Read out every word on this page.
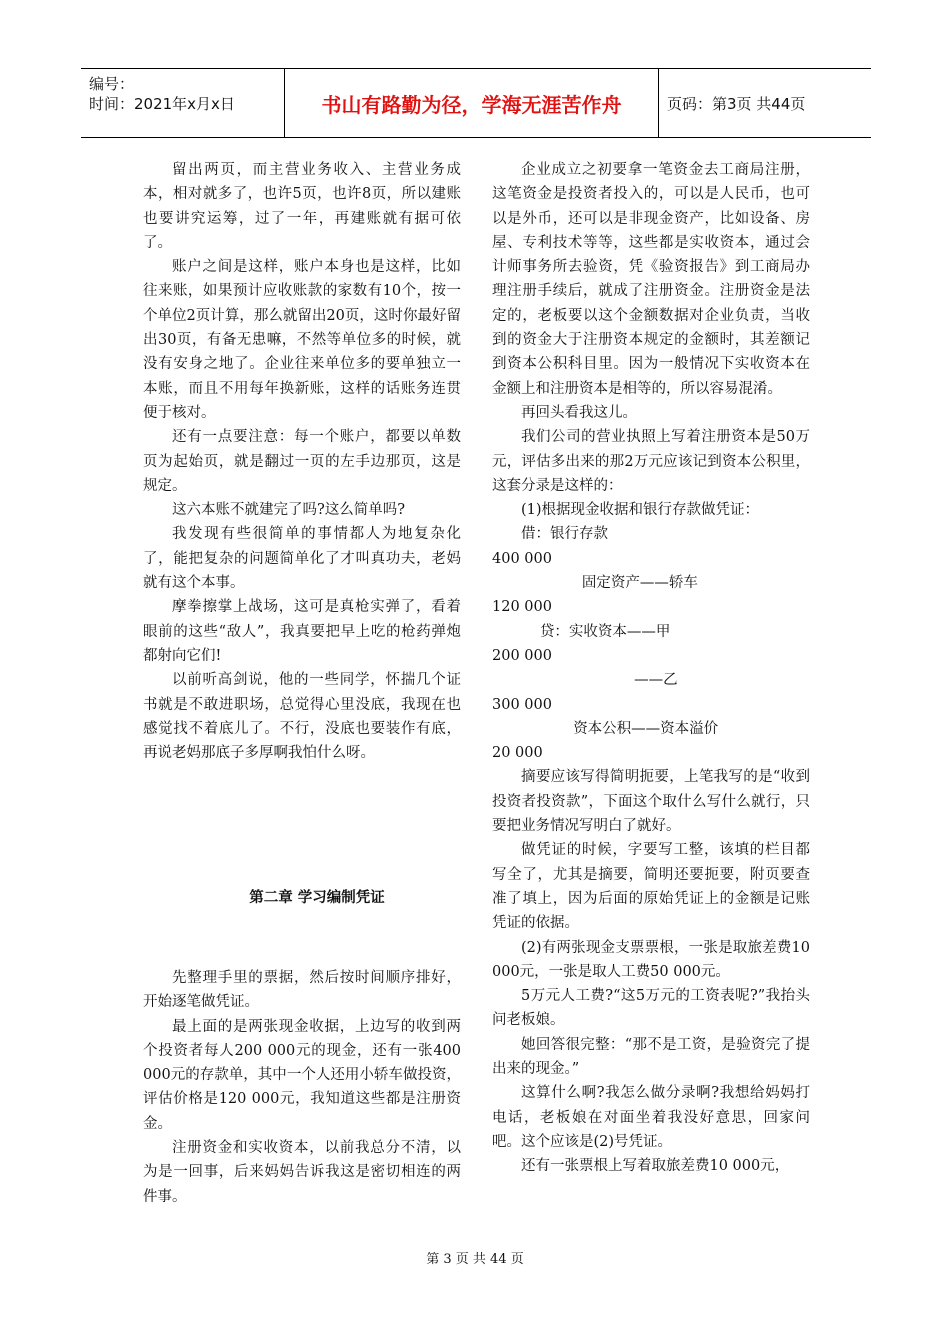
编号：
时间：2021年x月x日	书山有路勤为径，学海无涯苦作舟	页码：第3页 共44页

留出两页，而主营业务收入、主营业务成本，相对就多了，也许5页，也许8页，所以建账也要讲究运筹，过了一年，再建账就有据可依了。

账户之间是这样，账户本身也是这样，比如往来账，如果预计应收账款的家数有10个，按一个单位2页计算，那么就留出20页，这时你最好留出30页，有备无患嘛，不然等单位多的时候，就没有安身之地了。企业往来单位多的要单独立一本账，而且不用每年换新账，这样的话账务连贯便于核对。

还有一点要注意：每一个账户，都要以单数页为起始页，就是翻过一页的左手边那页，这是规定。

这六本账不就建完了吗?这么简单吗?

我发现有些很简单的事情都人为地复杂化了，能把复杂的问题简单化了才叫真功夫，老妈就有这个本事。

摩拳擦掌上战场，这可是真枪实弹了，看着眼前的这些“敌人”，我真要把早上吃的枪药弹炮都射向它们!

以前听高剑说，他的一些同学，怀揣几个证书就是不敢进职场，总觉得心里没底，我现在也感觉找不着底儿了。不行，没底也要装作有底，再说老妈那底子多厚啊我怕什么呀。

第二章 学习编制凭证

先整理手里的票据，然后按时间顺序排好，开始逐笔做凭证。

最上面的是两张现金收据，上边写的收到两个投资者每人200 000元的现金，还有一张400 000元的存款单，其中一个人还用小轿车做投资，评估价格是120 000元，我知道这些都是注册资金。

注册资金和实收资本，以前我总分不清，以为是一回事，后来妈妈告诉我这是密切相连的两件事。

企业成立之初要拿一笔资金去工商局注册，这笔资金是投资者投入的，可以是人民币，也可以是外币，还可以是非现金资产，比如设备、房屋、专利技术等等，这些都是实收资本，通过会计师事务所去验资，凭《验资报告》到工商局办理注册手续后，就成了注册资金。注册资金是法定的，老板要以这个金额数据对企业负责，当收到的资金大于注册资本规定的金额时，其差额记到资本公积科目里。因为一般情况下实收资本在金额上和注册资本是相等的，所以容易混淆。

再回头看我这儿。

我们公司的营业执照上写着注册资本是50万元，评估多出来的那2万元应该记到资本公积里，这套分录是这样的：

(1)根据现金收据和银行存款做凭证：

借：银行存款

400 000

固定资产——轿车

120 000

贷：实收资本——甲

200 000

——乙

300 000

资本公积——资本溢价

20 000

摘要应该写得简明扼要，上笔我写的是“收到投资者投资款”，下面这个取什么写什么就行，只要把业务情况写明白了就好。

做凭证的时候，字要写工整，该填的栏目都写全了，尤其是摘要，简明还要扼要，附页要查准了填上，因为后面的原始凭证上的金额是记账凭证的依据。

(2)有两张现金支票票根，一张是取旅差费10 000元，一张是取人工费50 000元。

5万元人工费?“这5万元的工资表呢?”我抬头问老板娘。

她回答很完整：“那不是工资，是验资完了提出来的现金。”

这算什么啊?我怎么做分录啊?我想给妈妈打电话，老板娘在对面坐着我没好意思，回家问吧。这个应该是(2)号凭证。

还有一张票根上写着取旅差费10 000元，

第 3 页 共 44 页
